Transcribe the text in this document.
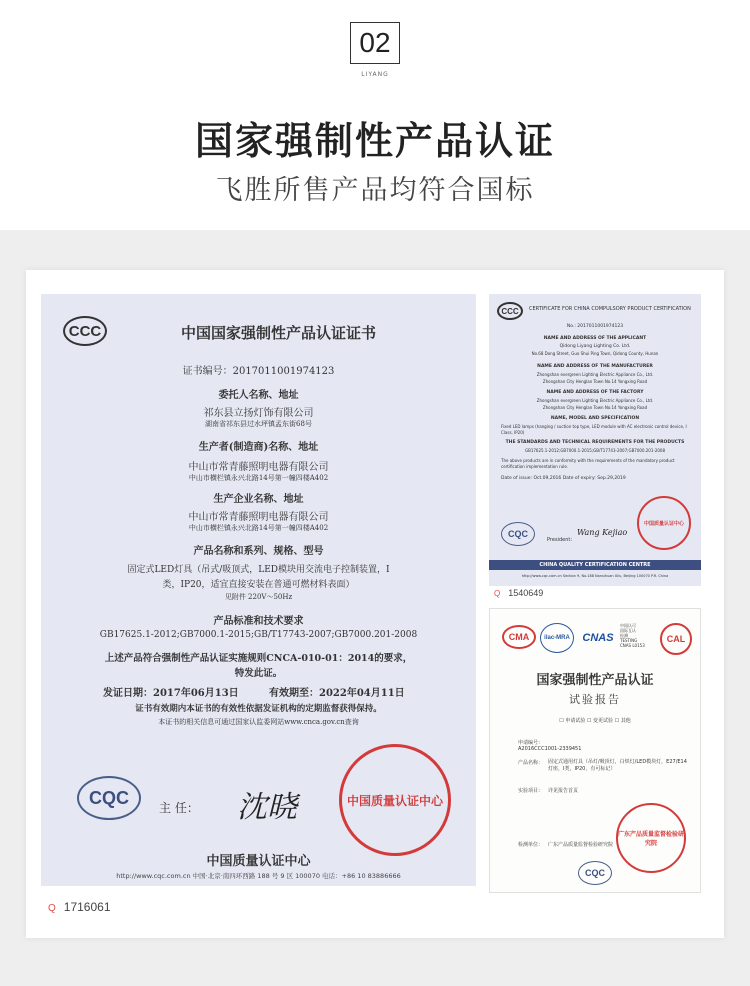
02
LIYANG
国家强制性产品认证
飞胜所售产品均符合国标
CCC	中国国家强制性产品认证证书
证书编号：2017011001974123
委托人名称、地址
祁东县立扬灯饰有限公司
湖南省祁东县过水坪镇孟东街68号
生产者(制造商)名称、地址
中山市常青藤照明电器有限公司
中山市横栏镇永兴北路14号第一幢四楼A402
生产企业名称、地址
中山市常青藤照明电器有限公司
中山市横栏镇永兴北路14号第一幢四楼A402
产品名称和系列、规格、型号
固定式LED灯具（吊式/吸顶式，LED模块用交流电子控制装置，I
类，IP20，适宜直接安装在普通可燃材料表面）
见附件 220V～50Hz
产品标准和技术要求
GB17625.1-2012;GB7000.1-2015;GB/T17743-2007;GB7000.201-2008
上述产品符合强制性产品认证实施规则CNCA-010-01：2014的要求，
特发此证。
发证日期：2017年06月13日	有效期至：2022年04月11日
证书有效期内本证书的有效性依据发证机构的定期监督获得保持。
本证书的相关信息可通过国家认监委网站www.cnca.gov.cn查询
CQC
主 任： 沈晓	中国质量认证中心
中国质量认证中心
http://www.cqc.com.cn 中国·北京·南四环西路 188 号 9 区 100070 电话：+86 10 83886666
Q 1716061
CCC CERTIFICATE FOR CHINA COMPULSORY PRODUCT CERTIFICATION
No.: 2017011001974123
NAME AND ADDRESS OF THE APPLICANT
Qidong Liyang Lighting Co. Ltd.
No.68 Dong Street, Guo Shui Ping Town, Qidong County, Hunan
NAME AND ADDRESS OF THE MANUFACTURER
Zhongshan evergreen Lighting Electric Appliance Co., Ltd.
Zhongshan City Henglan Town No.14 Yongxing Road
NAME AND ADDRESS OF THE FACTORY
Zhongshan evergreen Lighting Electric Appliance Co., Ltd.
Zhongshan City Henglan Town No.14 Yongxing Road
NAME, MODEL AND SPECIFICATION
Fixed LED lamps (hanging / suction top type, LED module with AC electronic control device, I Class, IP20)
THE STANDARDS AND TECHNICAL REQUIREMENTS FOR THE PRODUCTS
GB17625.1-2012;GB7000.1-2015;GB/T17743-2007;GB7000.201-2008
The above products are in conformity with the requirements of the mandatory product certification implementation rule.
Date of issue: Oct.09,2016 Date of expiry: Sep.29,2019
CQC
President:
Wang Kejiao
中国质量认证中心
CHINA QUALITY CERTIFICATION CENTRE
http://www.cqc.com.cn Section 9, No.188 Nansihuan Xilu, Beijing 100070 P.R. China
Q 1540649
CMA ilac-MRA CNAS
中国认可
国际互认
检测
TESTING
CNAS L0153
CAL
国家强制性产品认证
试验报告
☐ 申请试验 ☐ 变更试验 ☐ 其他
申请编号：
A2016CCC1001-2339451
产品名称： 固定式通用灯具（吊灯/吸顶灯，白炽灯/LED模块灯，E27/E14灯座，I类，IP20，有可标记）
实验项目： 详见报告首页
检测单位： 广东产品质量监督检验研究院
广东产品质量监督检验研究院
CQC
